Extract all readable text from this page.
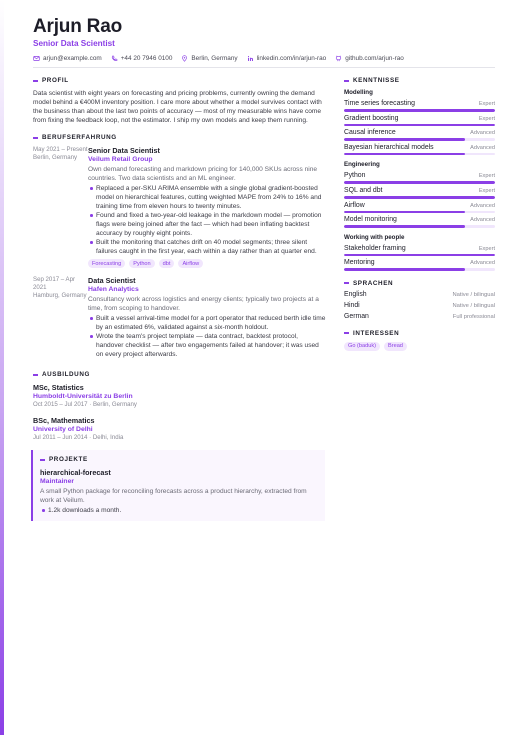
Arjun Rao
Senior Data Scientist
arjun@example.com	+44 20 7946 0100	Berlin, Germany	linkedin.com/in/arjun-rao	github.com/arjun-rao
PROFIL
Data scientist with eight years on forecasting and pricing problems, currently owning the demand model behind a €400M inventory position. I care more about whether a model survives contact with the business than about the last two points of accuracy — most of my measurable wins have come from fixing the feedback loop, not the estimator. I ship my own models and keep them running.
BERUFSERFAHRUNG
May 2021 – Present
Berlin, Germany
Senior Data Scientist
Veilum Retail Group
Own demand forecasting and markdown pricing for 140,000 SKUs across nine countries. Two data scientists and an ML engineer.
Replaced a per-SKU ARIMA ensemble with a single global gradient-boosted model on hierarchical features, cutting weighted MAPE from 24% to 16% and training time from eleven hours to twenty minutes.
Found and fixed a two-year-old leakage in the markdown model — promotion flags were being joined after the fact — which had been inflating backtest accuracy by roughly eight points.
Built the monitoring that catches drift on 40 model segments; three silent failures caught in the first year, each within a day rather than at quarter end.
Forecasting	Python	dbt	Airflow
Sep 2017 – Apr 2021
Hamburg, Germany
Data Scientist
Hafen Analytics
Consultancy work across logistics and energy clients; typically two projects at a time, from scoping to handover.
Built a vessel arrival-time model for a port operator that reduced berth idle time by an estimated 6%, validated against a six-month holdout.
Wrote the team's project template — data contract, backtest protocol, handover checklist — after two engagements failed at handover; it was used on every project afterwards.
AUSBILDUNG
MSc, Statistics
Humboldt-Universität zu Berlin
Oct 2015 – Jul 2017 · Berlin, Germany
BSc, Mathematics
University of Delhi
Jul 2011 – Jun 2014 · Delhi, India
PROJEKTE
hierarchical-forecast
Maintainer
A small Python package for reconciling forecasts across a product hierarchy, extracted from work at Veilum.
1.2k downloads a month.
KENNTNISSE
Modelling
Time series forecasting	Expert
Gradient boosting	Expert
Causal inference	Advanced
Bayesian hierarchical models	Advanced
Engineering
Python	Expert
SQL and dbt	Expert
Airflow	Advanced
Model monitoring	Advanced
Working with people
Stakeholder framing	Expert
Mentoring	Advanced
SPRACHEN
English	Native / bilingual
Hindi	Native / bilingual
German	Full professional
INTERESSEN
Go (baduk)	Bread
